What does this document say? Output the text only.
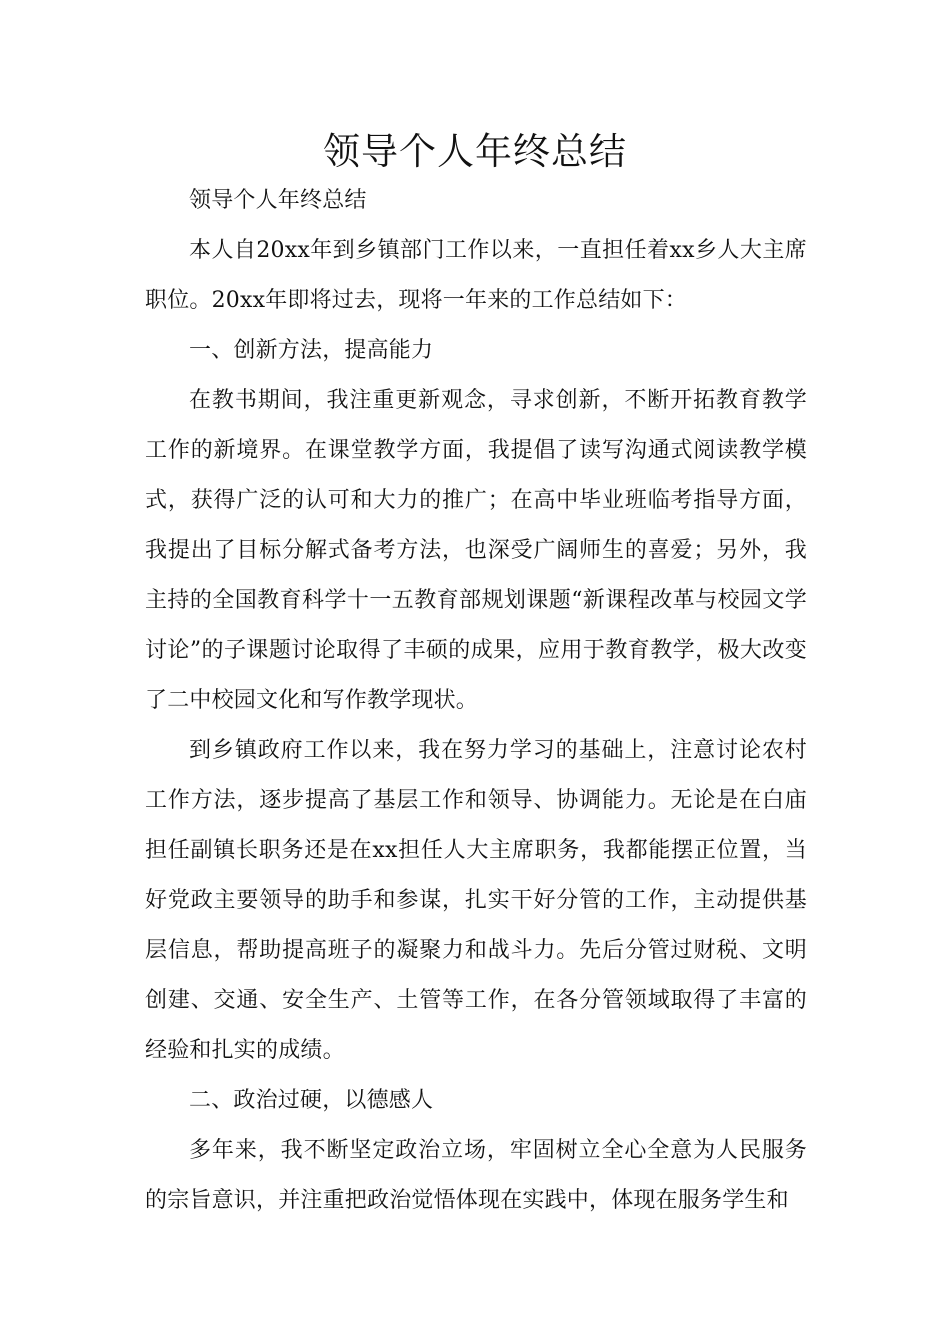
领导个人年终总结

领导个人年终总结

本人自20xx年到乡镇部门工作以来，一直担任着xx乡人大主席职位。20xx年即将过去，现将一年来的工作总结如下：

一、创新方法，提高能力

在教书期间，我注重更新观念，寻求创新，不断开拓教育教学工作的新境界。在课堂教学方面，我提倡了读写沟通式阅读教学模式，获得广泛的认可和大力的推广；在高中毕业班临考指导方面，我提出了目标分解式备考方法，也深受广阔师生的喜爱；另外，我主持的全国教育科学十一五教育部规划课题“新课程改革与校园文学讨论”的子课题讨论取得了丰硕的成果，应用于教育教学，极大改变了二中校园文化和写作教学现状。

到乡镇政府工作以来，我在努力学习的基础上，注意讨论农村工作方法，逐步提高了基层工作和领导、协调能力。无论是在白庙担任副镇长职务还是在xx担任人大主席职务，我都能摆正位置，当好党政主要领导的助手和参谋，扎实干好分管的工作，主动提供基层信息，帮助提高班子的凝聚力和战斗力。先后分管过财税、文明创建、交通、安全生产、土管等工作，在各分管领域取得了丰富的经验和扎实的成绩。

二、政治过硬，以德感人

多年来，我不断坚定政治立场，牢固树立全心全意为人民服务的宗旨意识，并注重把政治觉悟体现在实践中，体现在服务学生和
